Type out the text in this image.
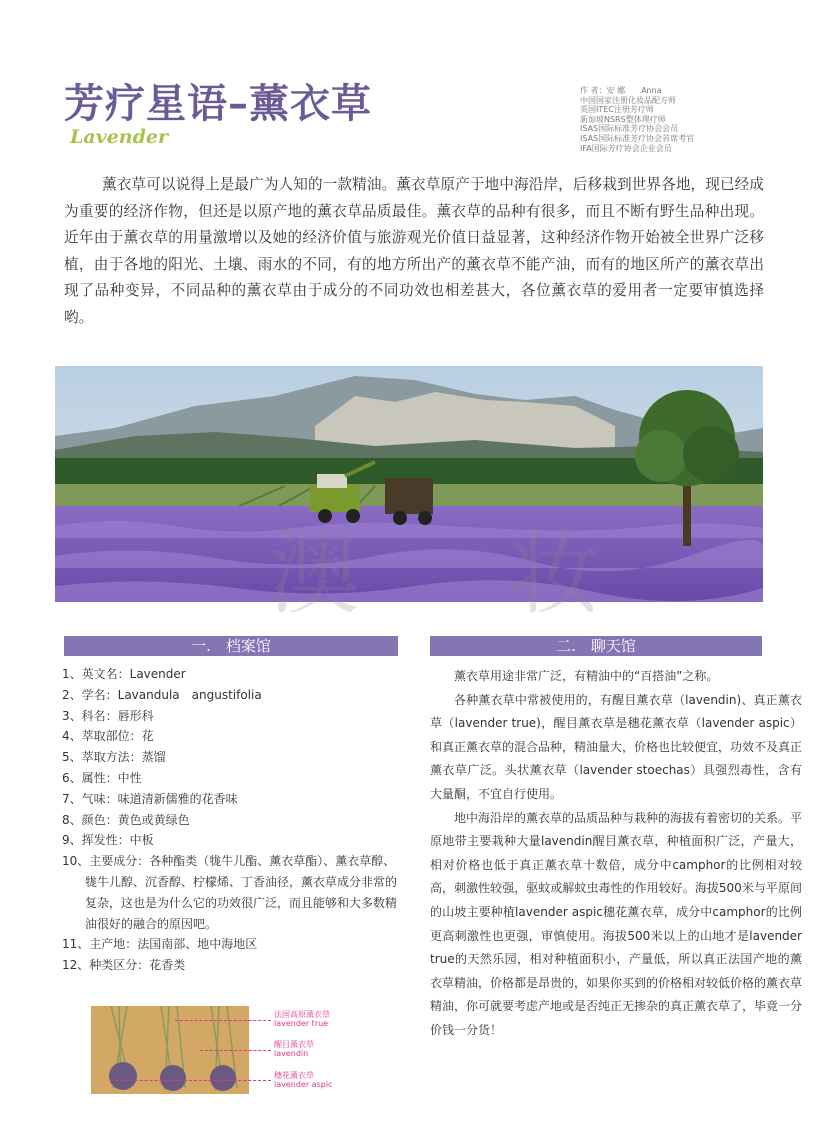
芳疗星语–薰衣草
Lavender
作 者：安 娜　　Anna
中国国家注册化妆品配方师
英国ITEC注册芳疗师
新加坡NSRS整体理疗师
ISAS国际标准芳疗协会会员
ISAS国际标准芳疗协会首席考官
IFA国际芳疗协会企业会员
薰衣草可以说得上是最广为人知的一款精油。薰衣草原产于地中海沿岸，后移栽到世界各地，现已经成为重要的经济作物，但还是以原产地的薰衣草品质最佳。薰衣草的品种有很多，而且不断有野生品种出现。近年由于薰衣草的用量激增以及她的经济价值与旅游观光价值日益显著，这种经济作物开始被全世界广泛移植，由于各地的阳光、土壤、雨水的不同，有的地方所出产的薰衣草不能产油，而有的地区所产的薰衣草出现了品种变异，不同品种的薰衣草由于成分的不同功效也相差甚大，各位薰衣草的爱用者一定要审慎选择哟。
澳 妆
一.　档案馆	二.　聊天馆
1、英文名：Lavender
2、学名：Lavandula　angustifolia
3、科名：唇形科
4、萃取部位：花
5、萃取方法：蒸馏
6、属性：中性
7、气味：味道清新儒雅的花香味
8、颜色：黄色或黄绿色
9、挥发性：中板
10、主要成分：各种酯类（牻牛儿酯、薰衣草酯）、薰衣草醇、牻牛儿醇、沉香醇、柠檬烯、丁香油径，薰衣草成分非常的复杂，这也是为什么它的功效很广泛，而且能够和大多数精油很好的融合的原因吧。
11、主产地：法国南部、地中海地区
12、种类区分：花香类

薰衣草用途非常广泛，有精油中的“百搭油”之称。

各种薰衣草中常被使用的，有醒目薰衣草（lavendin)、真正薰衣草（lavender true)，醒目薰衣草是穗花薰衣草（lavender aspic）和真正薰衣草的混合品种，精油量大，价格也比较便宜，功效不及真正薰衣草广泛。头状薰衣草（lavender stoechas）具强烈毒性，含有大量酮，不宜自行使用。

地中海沿岸的薰衣草的品质品种与栽种的海拔有着密切的关系。平原地带主要栽种大量lavendin醒目薰衣草，种植面积广泛，产量大，相对价格也低于真正薰衣草十数倍，成分中camphor的比例相对较高，刺激性较强，驱蚊或解蚊虫毒性的作用较好。海拔500米与平原间的山坡主要种植lavender aspic穗花薰衣草，成分中camphor的比例更高刺激性也更强，审慎使用。海拔500米以上的山地才是lavender true的天然乐园，相对种植面积小，产量低，所以真正法国产地的薰衣草精油，价格都是昂贵的，如果你买到的价格相对较低价格的薰衣草精油，你可就要考虑产地或是否纯正无掺杂的真正薰衣草了，毕竟一分价钱一分货！

法国高原薰衣草
lavender true
醒目薰衣草
lavendin
穗花薰衣草
lavender aspic
